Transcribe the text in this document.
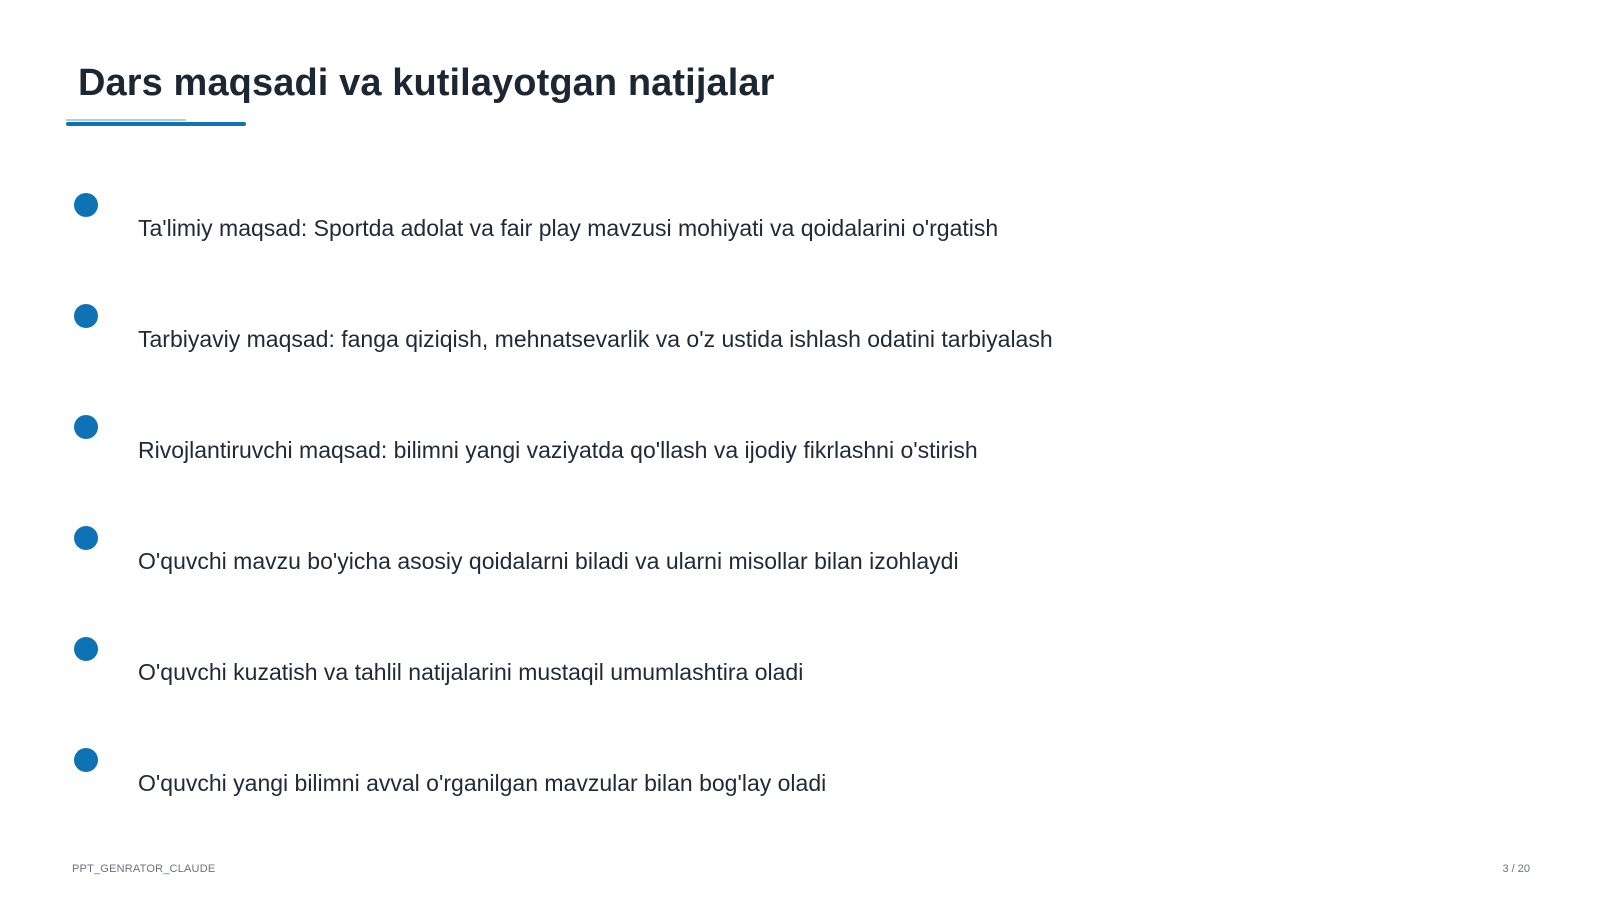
Dars maqsadi va kutilayotgan natijalar
Ta'limiy maqsad: Sportda adolat va fair play mavzusi mohiyati va qoidalarini o'rgatish
Tarbiyaviy maqsad: fanga qiziqish, mehnatsevarlik va o'z ustida ishlash odatini tarbiyalash
Rivojlantiruvchi maqsad: bilimni yangi vaziyatda qo'llash va ijodiy fikrlashni o'stirish
O'quvchi mavzu bo'yicha asosiy qoidalarni biladi va ularni misollar bilan izohlaydi
O'quvchi kuzatish va tahlil natijalarini mustaqil umumlashtira oladi
O'quvchi yangi bilimni avval o'rganilgan mavzular bilan bog'lay oladi
PPT_GENRATOR_CLAUDE	3 / 20
